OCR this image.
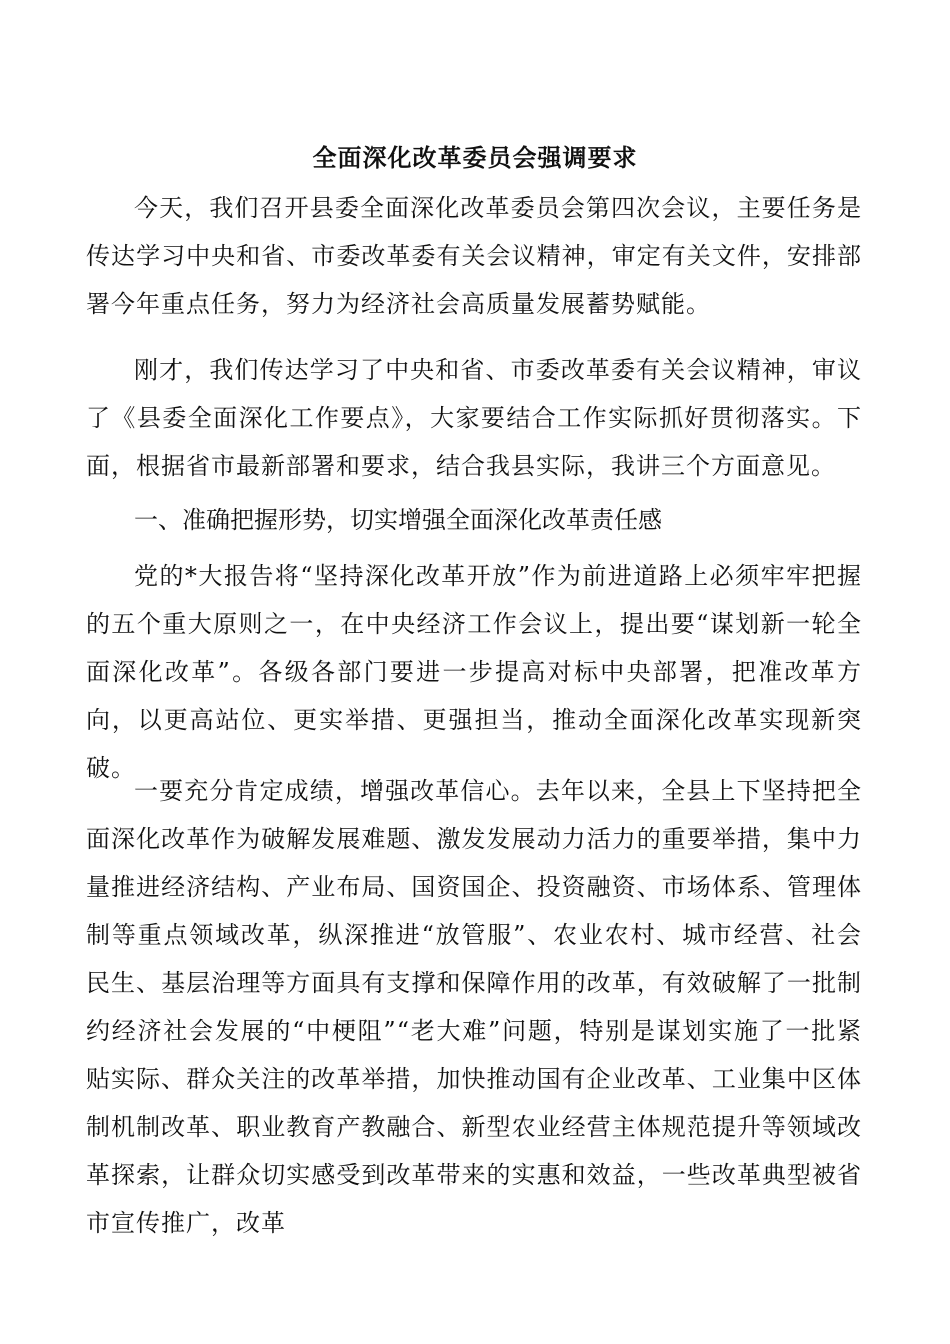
全面深化改革委员会强调要求

今天，我们召开县委全面深化改革委员会第四次会议，主要任务是传达学习中央和省、市委改革委有关会议精神，审定有关文件，安排部署今年重点任务，努力为经济社会高质量发展蓄势赋能。

刚才，我们传达学习了中央和省、市委改革委有关会议精神，审议了《县委全面深化工作要点》，大家要结合工作实际抓好贯彻落实。下面，根据省市最新部署和要求，结合我县实际，我讲三个方面意见。

一、准确把握形势，切实增强全面深化改革责任感

党的*大报告将“坚持深化改革开放”作为前进道路上必须牢牢把握的五个重大原则之一，在中央经济工作会议上，提出要“谋划新一轮全面深化改革”。各级各部门要进一步提高对标中央部署，把准改革方向，以更高站位、更实举措、更强担当，推动全面深化改革实现新突破。

一要充分肯定成绩，增强改革信心。去年以来，全县上下坚持把全面深化改革作为破解发展难题、激发发展动力活力的重要举措，集中力量推进经济结构、产业布局、国资国企、投资融资、市场体系、管理体制等重点领域改革，纵深推进“放管服”、农业农村、城市经营、社会民生、基层治理等方面具有支撑和保障作用的改革，有效破解了一批制约经济社会发展的“中梗阻”“老大难”问题，特别是谋划实施了一批紧贴实际、群众关注的改革举措，加快推动国有企业改革、工业集中区体制机制改革、职业教育产教融合、新型农业经营主体规范提升等领域改革探索，让群众切实感受到改革带来的实惠和效益，一些改革典型被省市宣传推广，改革
